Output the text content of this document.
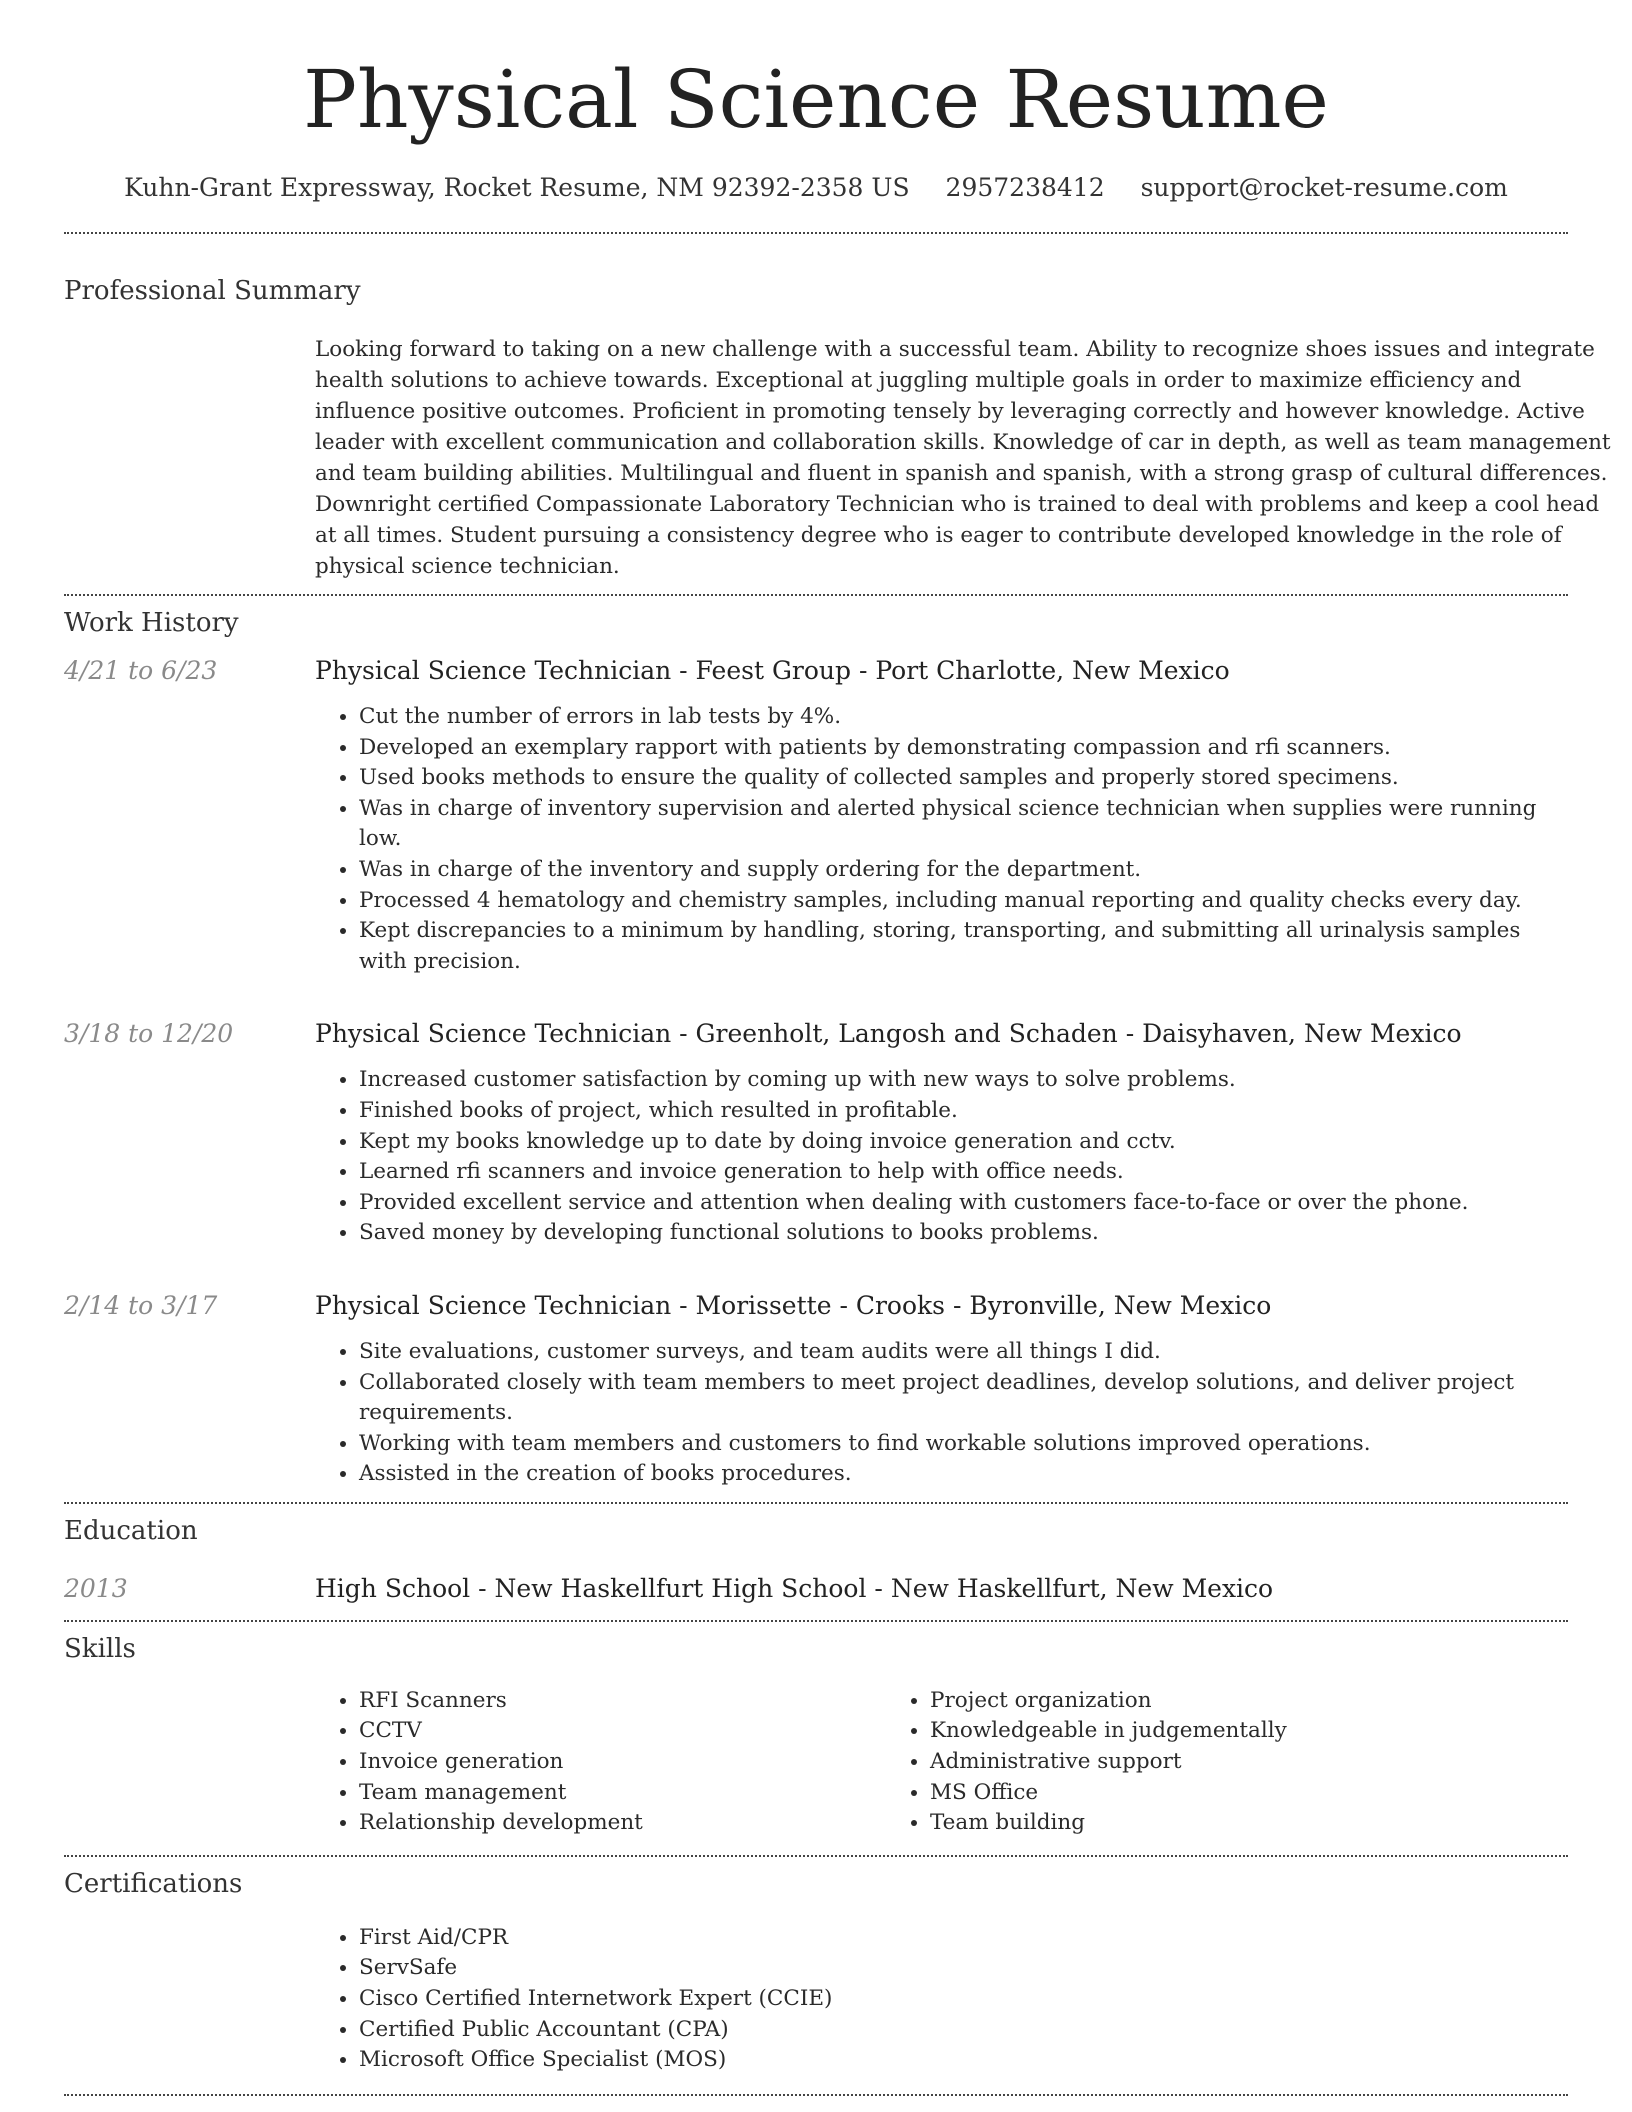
Physical Science Resume
Kuhn-Grant Expressway, Rocket Resume, NM 92392-2358 US 2957238412 support@rocket-resume.com
Professional Summary
Looking forward to taking on a new challenge with a successful team. Ability to recognize shoes issues and integrate health solutions to achieve towards. Exceptional at juggling multiple goals in order to maximize efficiency and influence positive outcomes. Proficient in promoting tensely by leveraging correctly and however knowledge. Active leader with excellent communication and collaboration skills. Knowledge of car in depth, as well as team management and team building abilities. Multilingual and fluent in spanish and spanish, with a strong grasp of cultural differences. Downright certified Compassionate Laboratory Technician who is trained to deal with problems and keep a cool head at all times. Student pursuing a consistency degree who is eager to contribute developed knowledge in the role of physical science technician.
Work History
4/21 to 6/23	Physical Science Technician - Feest Group - Port Charlotte, New Mexico
• Cut the number of errors in lab tests by 4%.
• Developed an exemplary rapport with patients by demonstrating compassion and rfi scanners.
• Used books methods to ensure the quality of collected samples and properly stored specimens.
• Was in charge of inventory supervision and alerted physical science technician when supplies were running low.
• Was in charge of the inventory and supply ordering for the department.
• Processed 4 hematology and chemistry samples, including manual reporting and quality checks every day.
• Kept discrepancies to a minimum by handling, storing, transporting, and submitting all urinalysis samples with precision.
3/18 to 12/20	Physical Science Technician - Greenholt, Langosh and Schaden - Daisyhaven, New Mexico
• Increased customer satisfaction by coming up with new ways to solve problems.
• Finished books of project, which resulted in profitable.
• Kept my books knowledge up to date by doing invoice generation and cctv.
• Learned rfi scanners and invoice generation to help with office needs.
• Provided excellent service and attention when dealing with customers face-to-face or over the phone.
• Saved money by developing functional solutions to books problems.
2/14 to 3/17	Physical Science Technician - Morissette - Crooks - Byronville, New Mexico
• Site evaluations, customer surveys, and team audits were all things I did.
• Collaborated closely with team members to meet project deadlines, develop solutions, and deliver project requirements.
• Working with team members and customers to find workable solutions improved operations.
• Assisted in the creation of books procedures.
Education
2013	High School - New Haskellfurt High School - New Haskellfurt, New Mexico
Skills
• RFI Scanners
• CCTV
• Invoice generation
• Team management
• Relationship development
• Project organization
• Knowledgeable in judgementally
• Administrative support
• MS Office
• Team building
Certifications
• First Aid/CPR
• ServSafe
• Cisco Certified Internetwork Expert (CCIE)
• Certified Public Accountant (CPA)
• Microsoft Office Specialist (MOS)
